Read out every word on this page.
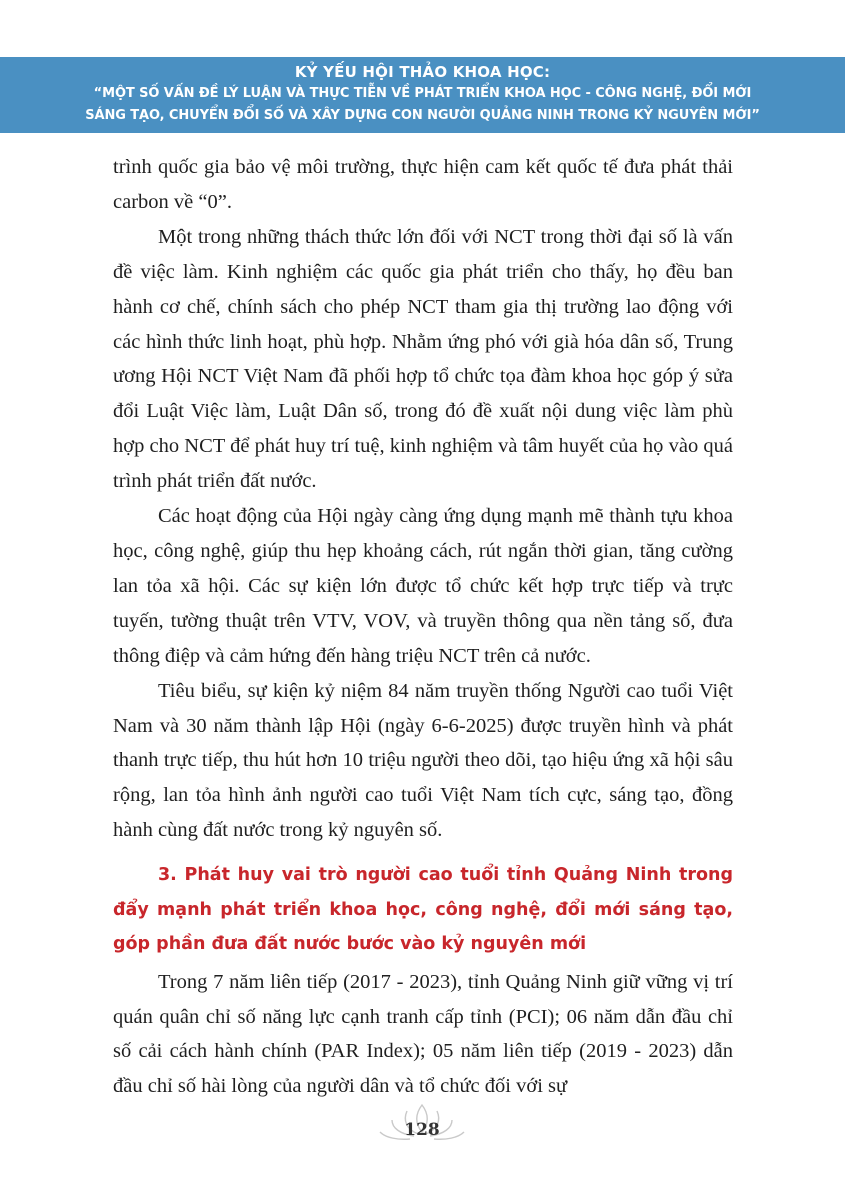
KỶ YẾU HỘI THẢO KHOA HỌC:
“MỘT SỐ VẤN ĐỀ LÝ LUẬN VÀ THỰC TIỄN VỀ PHÁT TRIỂN KHOA HỌC - CÔNG NGHỆ, ĐỔI MỚI
SÁNG TẠO, CHUYỂN ĐỔI SỐ VÀ XÂY DỰNG CON NGƯỜI QUẢNG NINH TRONG KỶ NGUYÊN MỚI”

trình quốc gia bảo vệ môi trường, thực hiện cam kết quốc tế đưa phát thải carbon về “0”.

Một trong những thách thức lớn đối với NCT trong thời đại số là vấn đề việc làm. Kinh nghiệm các quốc gia phát triển cho thấy, họ đều ban hành cơ chế, chính sách cho phép NCT tham gia thị trường lao động với các hình thức linh hoạt, phù hợp. Nhằm ứng phó với già hóa dân số, Trung ương Hội NCT Việt Nam đã phối hợp tổ chức tọa đàm khoa học góp ý sửa đổi Luật Việc làm, Luật Dân số, trong đó đề xuất nội dung việc làm phù hợp cho NCT để phát huy trí tuệ, kinh nghiệm và tâm huyết của họ vào quá trình phát triển đất nước.

Các hoạt động của Hội ngày càng ứng dụng mạnh mẽ thành tựu khoa học, công nghệ, giúp thu hẹp khoảng cách, rút ngắn thời gian, tăng cường lan tỏa xã hội. Các sự kiện lớn được tổ chức kết hợp trực tiếp và trực tuyến, tường thuật trên VTV, VOV, và truyền thông qua nền tảng số, đưa thông điệp và cảm hứng đến hàng triệu NCT trên cả nước.

Tiêu biểu, sự kiện kỷ niệm 84 năm truyền thống Người cao tuổi Việt Nam và 30 năm thành lập Hội (ngày 6-6-2025) được truyền hình và phát thanh trực tiếp, thu hút hơn 10 triệu người theo dõi, tạo hiệu ứng xã hội sâu rộng, lan tỏa hình ảnh người cao tuổi Việt Nam tích cực, sáng tạo, đồng hành cùng đất nước trong kỷ nguyên số.

3. Phát huy vai trò người cao tuổi tỉnh Quảng Ninh trong đẩy mạnh phát triển khoa học, công nghệ, đổi mới sáng tạo, góp phần đưa đất nước bước vào kỷ nguyên mới

Trong 7 năm liên tiếp (2017 - 2023), tỉnh Quảng Ninh giữ vững vị trí quán quân chỉ số năng lực cạnh tranh cấp tỉnh (PCI); 06 năm dẫn đầu chỉ số cải cách hành chính (PAR Index); 05 năm liên tiếp (2019 - 2023) dẫn đầu chỉ số hài lòng của người dân và tổ chức đối với sự

128
